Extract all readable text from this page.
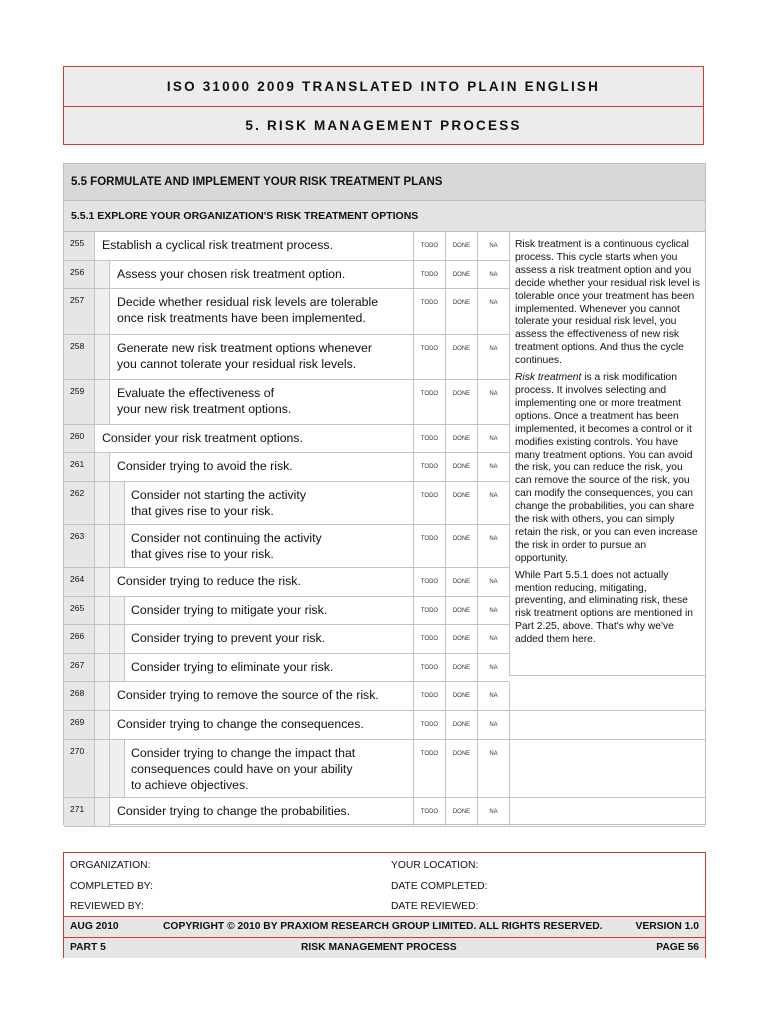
ISO 31000 2009 TRANSLATED INTO PLAIN ENGLISH
5. RISK MANAGEMENT PROCESS
5.5 FORMULATE AND IMPLEMENT YOUR RISK TREATMENT PLANS
5.5.1 EXPLORE YOUR ORGANIZATION'S RISK TREATMENT OPTIONS

Risk treatment is a continuous cyclical process. This cycle starts when you assess a risk treatment option and you decide whether your residual risk level is tolerable once your treatment has been implemented. Whenever you cannot tolerate your residual risk level, you assess the effectiveness of new risk treatment options. And thus the cycle continues.

Risk treatment is a risk modification process. It involves selecting and implementing one or more treatment options. Once a treatment has been implemented, it becomes a control or it modifies existing controls. You have many treatment options. You can avoid the risk, you can reduce the risk, you can remove the source of the risk, you can modify the consequences, you can change the probabilities, you can share the risk with others, you can simply retain the risk, or you can even increase the risk in order to pursue an opportunity.

While Part 5.5.1 does not actually mention reducing, mitigating, preventing, and eliminating risk, these risk treatment options are mentioned in Part 2.25, above. That's why we've added them here.

255	Establish a cyclical risk treatment process.	TODO	DONE	NA
256	Assess your chosen risk treatment option.	TODO	DONE	NA
257	Decide whether residual risk levels are tolerable
once risk treatments have been implemented.
TODO	DONE	NA
258	Generate new risk treatment options whenever
you cannot tolerate your residual risk levels.
TODO	DONE	NA
259	Evaluate the effectiveness of
your new risk treatment options.
TODO	DONE	NA
260	Consider your risk treatment options.	TODO	DONE	NA
261	Consider trying to avoid the risk.	TODO	DONE	NA
262	Consider not starting the activity
that gives rise to your risk.
TODO	DONE	NA
263	Consider not continuing the activity
that gives rise to your risk.
TODO	DONE	NA
264	Consider trying to reduce the risk.	TODO	DONE	NA
265	Consider trying to mitigate your risk.	TODO	DONE	NA
266	Consider trying to prevent your risk.	TODO	DONE	NA
267	Consider trying to eliminate your risk.	TODO	DONE	NA
268	Consider trying to remove the source of the risk.	TODO	DONE	NA
269	Consider trying to change the consequences.	TODO	DONE	NA
270	Consider trying to change the impact that
consequences could have on your ability
to achieve objectives.
TODO	DONE	NA
271	Consider trying to change the probabilities.	TODO	DONE	NA
ORGANIZATION:	YOUR LOCATION:
COMPLETED BY:	DATE COMPLETED:
REVIEWED BY:	DATE REVIEWED:
AUG 2010	COPYRIGHT © 2010 BY PRAXIOM RESEARCH GROUP LIMITED. ALL RIGHTS RESERVED.	VERSION 1.0
PART 5	RISK MANAGEMENT PROCESS	PAGE 56
